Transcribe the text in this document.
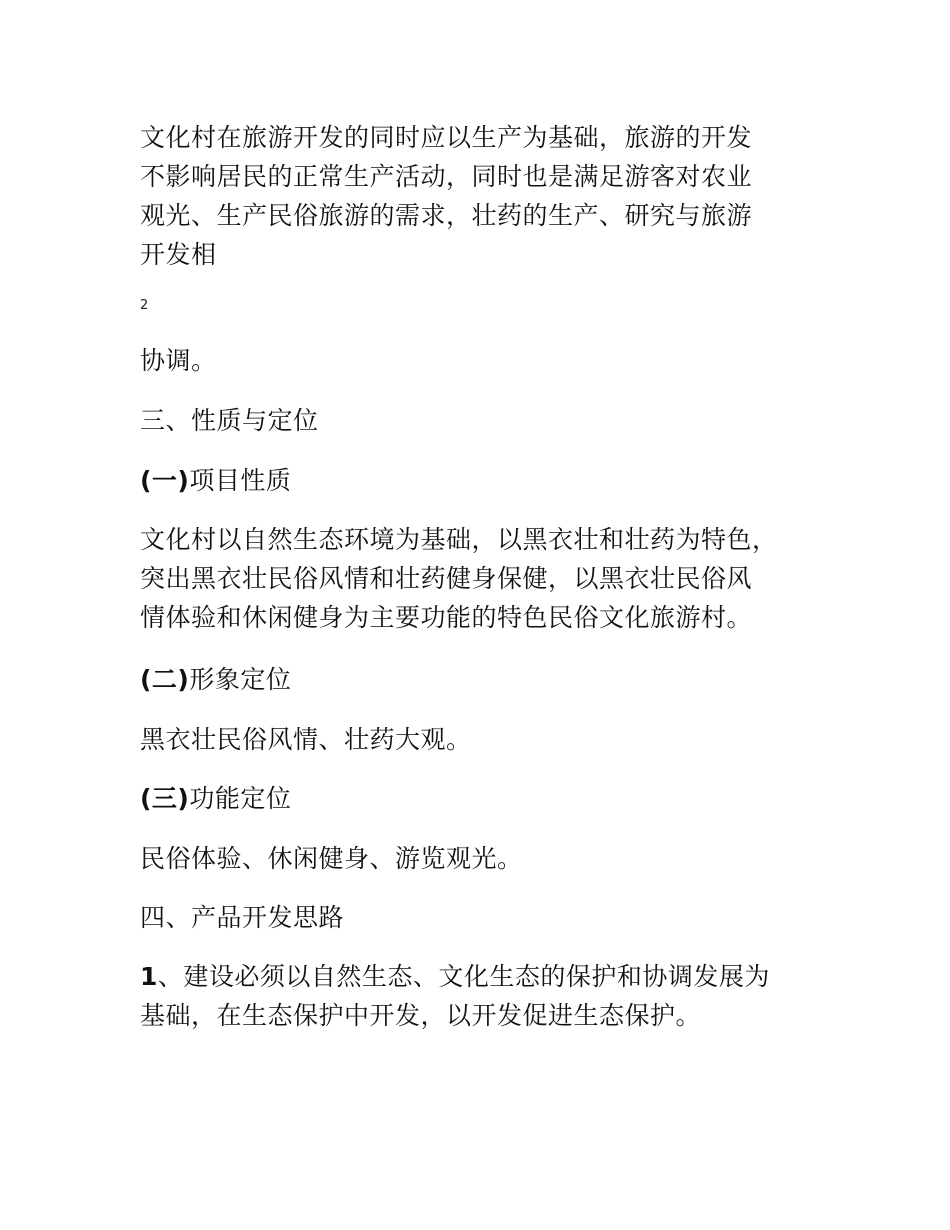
文化村在旅游开发的同时应以生产为基础，旅游的开发
不影响居民的正常生产活动，同时也是满足游客对农业
观光、生产民俗旅游的需求，壮药的生产、研究与旅游
开发相
2
协调。
三、性质与定位
(一)项目性质
文化村以自然生态环境为基础，以黑衣壮和壮药为特色，
突出黑衣壮民俗风情和壮药健身保健，以黑衣壮民俗风
情体验和休闲健身为主要功能的特色民俗文化旅游村。
(二)形象定位
黑衣壮民俗风情、壮药大观。
(三)功能定位
民俗体验、休闲健身、游览观光。
四、产品开发思路
1、建设必须以自然生态、文化生态的保护和协调发展为
基础，在生态保护中开发，以开发促进生态保护。
